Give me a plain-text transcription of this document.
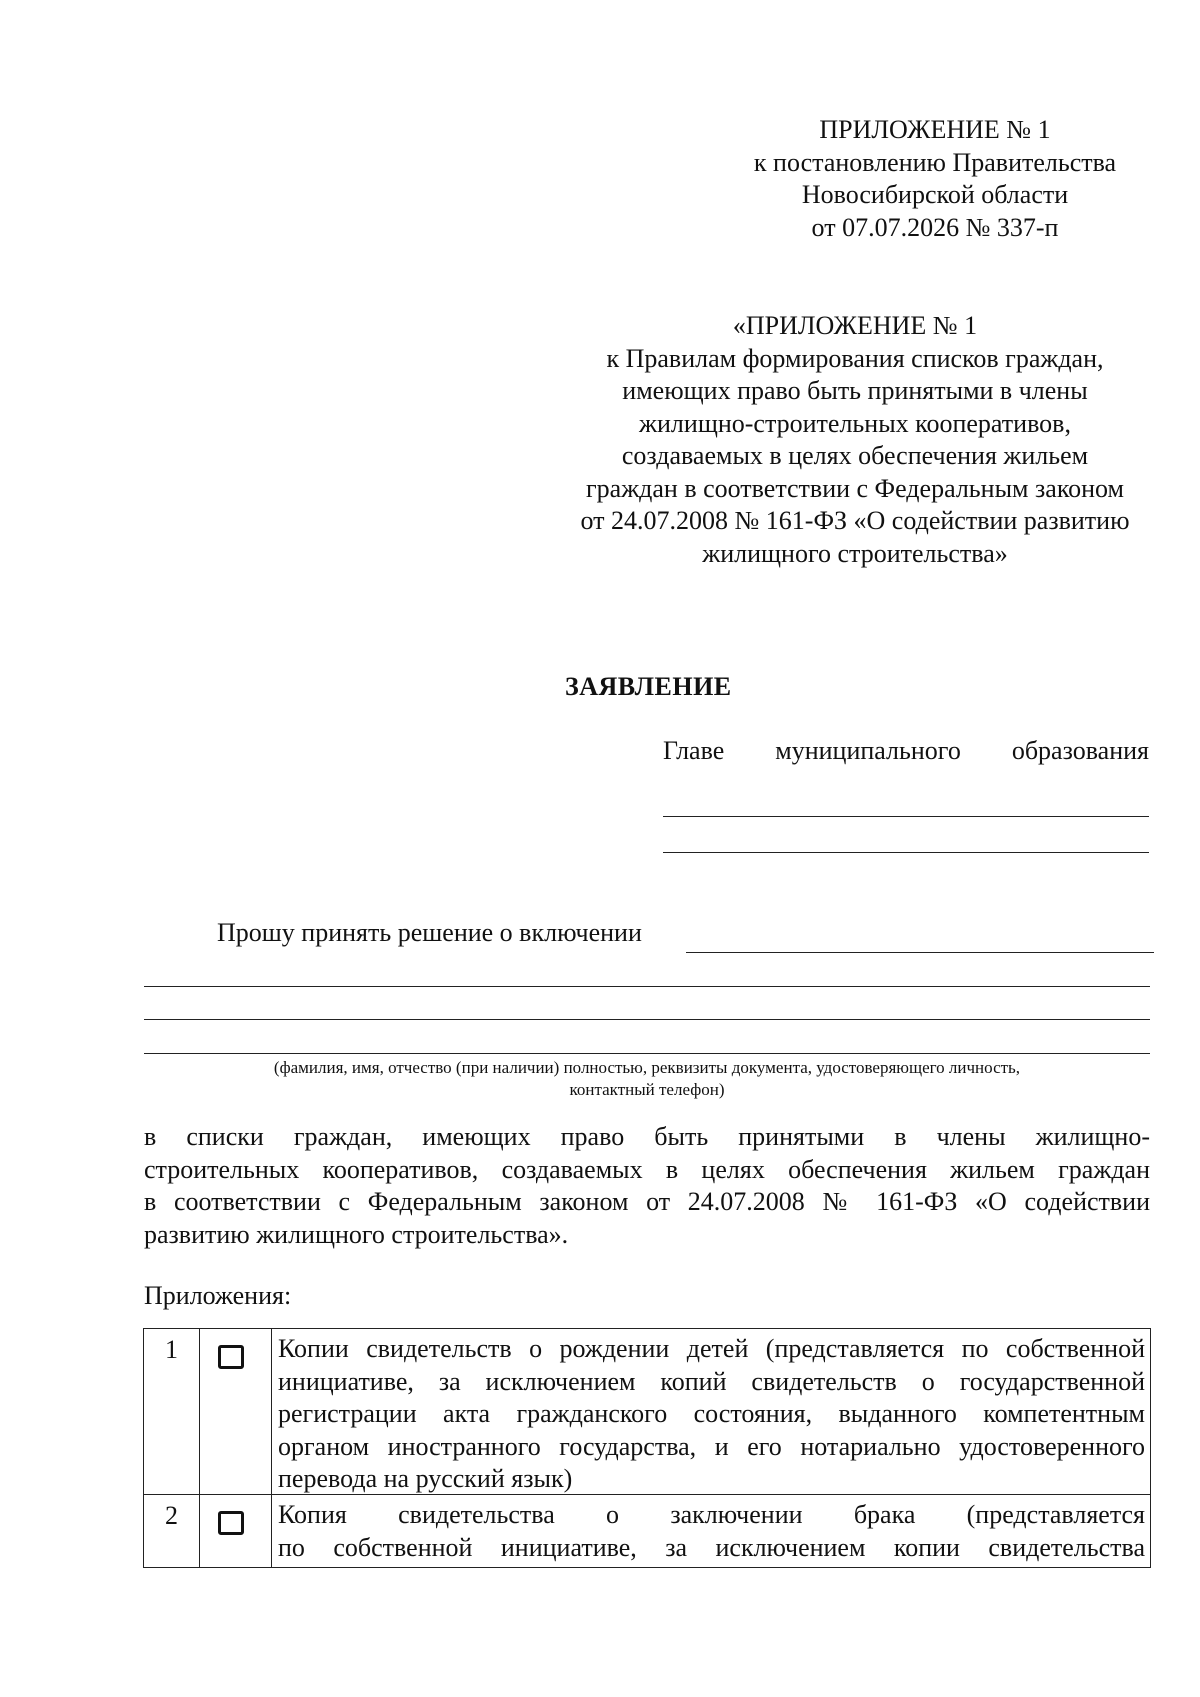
ПРИЛОЖЕНИЕ № 1
к постановлению Правительства
Новосибирской области
от 07.07.2026 № 337-п
«ПРИЛОЖЕНИЕ № 1
к Правилам формирования списков граждан,
имеющих право быть принятыми в члены
жилищно-строительных кооперативов,
создаваемых в целях обеспечения жильем
граждан в соответствии с Федеральным законом
от 24.07.2008 № 161-ФЗ «О содействии развитию
жилищного строительства»
ЗАЯВЛЕНИЕ
Главе муниципального образования
Прошу принять решение о включении
(фамилия, имя, отчество (при наличии) полностью, реквизиты документа, удостоверяющего личность,
контактный телефон)
в списки граждан, имеющих право быть принятыми в члены жилищно-
строительных кооперативов, создаваемых в целях обеспечения жильем граждан
в соответствии с Федеральным законом от 24.07.2008 № 161-ФЗ «О содействии
развитию жилищного строительства».
Приложения:
1	Копии свидетельств о рождении детей (представляется по собственной
инициативе, за исключением копий свидетельств о государственной
регистрации акта гражданского состояния, выданного компетентным
органом иностранного государства, и его нотариально удостоверенного
перевода на русский язык)
2	Копия свидетельства о заключении брака (представляется
по собственной инициативе, за исключением копии свидетельства
